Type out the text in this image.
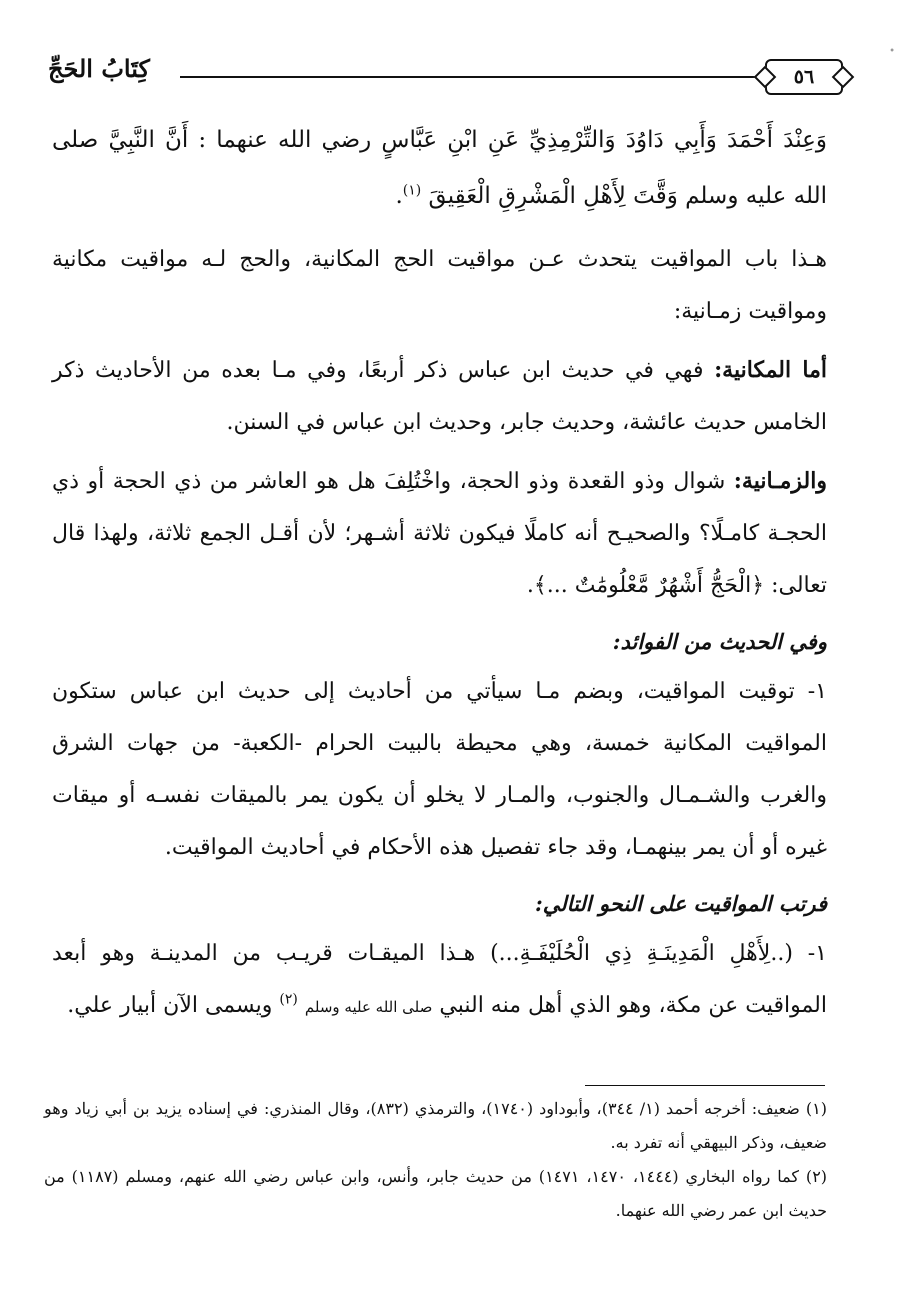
•
كِتَابُ الحَجِّ	٥٦

وَعِنْدَ أَحْمَدَ وَأَبِي دَاوُدَ وَالتِّرْمِذِيِّ عَنِ ابْنِ عَبَّاسٍ رضي الله عنهما : أَنَّ النَّبِيَّ صلى الله عليه وسلم وَقَّتَ لِأَهْلِ الْمَشْرِقِ الْعَقِيقَ $^{(١)}$.

هـذا باب المواقيت يتحدث عـن مواقيت الحج المكانية، والحج لـه مواقيت مكانية ومواقيت زمـانية:

أما المكانية: فهي في حديث ابن عباس ذكر أربعًا، وفي مـا بعده من الأحاديث ذكر الخامس حديث عائشة، وحديث جابر، وحديث ابن عباس في السنن.

والزمـانية: شوال وذو القعدة وذو الحجة، واخْتُلِفَ هل هو العاشر من ذي الحجة أو ذي الحجـة كامـلًا؟ والصحيـح أنه كاملًا فيكون ثلاثة أشـهر؛ لأن أقـل الجمع ثلاثة، ولهذا قال تعالى: ﴿الْحَجُّ أَشْهُرٌ مَّعْلُومَٰتٌ ...﴾.

وفي الحديث من الفوائد:

١- توقيت المواقيت، وبضم مـا سيأتي من أحاديث إلى حديث ابن عباس ستكون المواقيت المكانية خمسة، وهي محيطة بالبيت الحرام -الكعبة- من جهات الشرق والغرب والشـمـال والجنوب، والمـار لا يخلو أن يكون يمر بالميقات نفسـه أو ميقات غيره أو أن يمر بينهمـا، وقد جاء تفصيل هذه الأحكام في أحاديث المواقيت.

فرتب المواقيت على النحو التالي:

١- (..لِأَهْلِ الْمَدِينَـةِ ذِي الْحُلَيْفَـةِ...) هـذا الميقـات قريـب من المدينـة وهو أبعد المواقيت عن مكة، وهو الذي أهل منه النبي صلى الله عليه وسلم $^{(٢)}$ ويسمى الآن أبيار علي.

(١) ضعيف: أخرجه أحمد (١/ ٣٤٤)، وأبوداود (١٧٤٠)، والترمذي (٨٣٢)، وقال المنذري: في إسناده يزيد بن أبي زياد وهو ضعيف، وذكر البيهقي أنه تفرد به.

(٢) كما رواه البخاري (١٤٤٤، ١٤٧٠، ١٤٧١) من حديث جابر، وأنس، وابن عباس رضي الله عنهم، ومسلم (١١٨٧) من حديث ابن عمر رضي الله عنهما.
